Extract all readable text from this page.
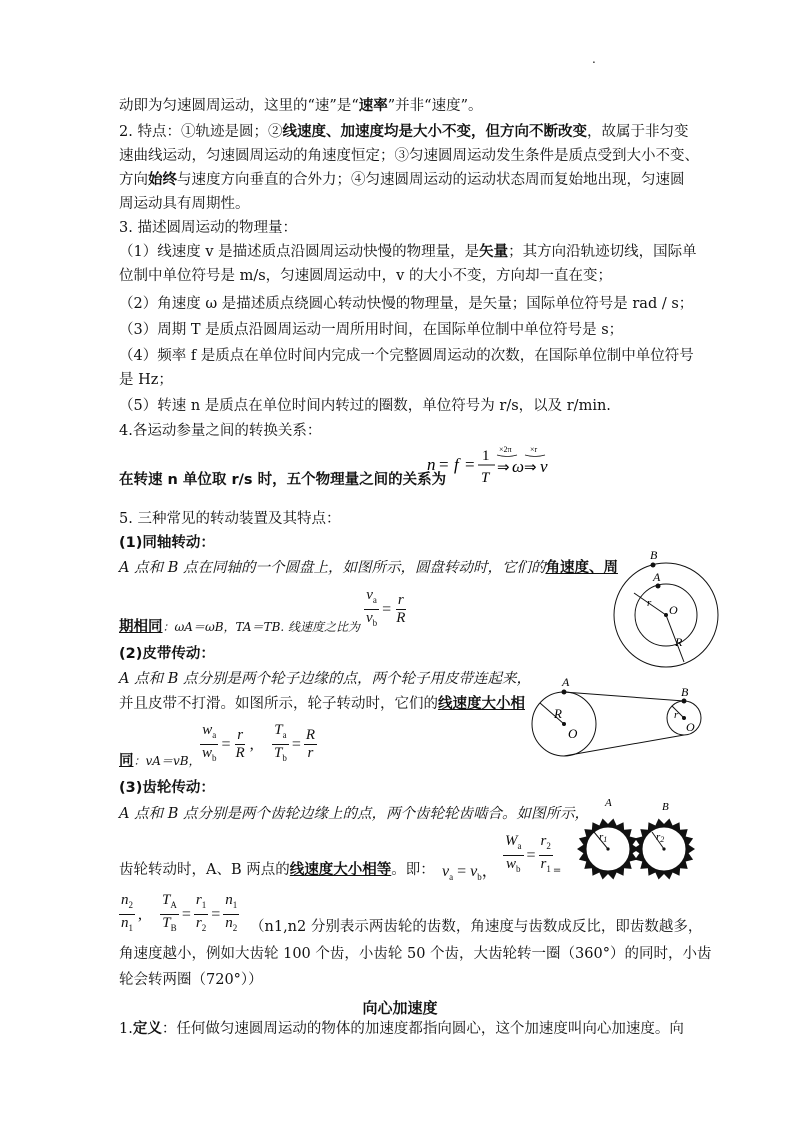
.
动即为匀速圆周运动，这里的“速”是“速率”并非“速度”。
2. 特点：①轨迹是圆；②线速度、加速度均是大小不变，但方向不断改变，故属于非匀变
速曲线运动，匀速圆周运动的角速度恒定；③匀速圆周运动发生条件是质点受到大小不变、
方向始终与速度方向垂直的合外力；④匀速圆周运动的运动状态周而复始地出现，匀速圆
周运动具有周期性。
3. 描述圆周运动的物理量：
（1）线速度 v 是描述质点沿圆周运动快慢的物理量，是矢量；其方向沿轨迹切线，国际单
位制中单位符号是 m/s，匀速圆周运动中，v 的大小不变，方向却一直在变；
（2）角速度 ω 是描述质点绕圆心转动快慢的物理量，是矢量；国际单位符号是 rad / s；
（3）周期 T 是质点沿圆周运动一周所用时间，在国际单位制中单位符号是 s；
（4）频率 f 是质点在单位时间内完成一个完整圆周运动的次数，在国际单位制中单位符号
是 Hz；
（5）转速 n 是质点在单位时间内转过的圈数，单位符号为 r/s，以及 r/min.
4.各运动参量之间的转换关系：
n = f = 1
T
×2π
⇒ ω
×r
⇒ v
在转速 n 单位取 r/s 时，五个物理量之间的关系为
5. 三种常见的转动装置及其特点：
(1)同轴转动：
A 点和 B 点在同轴的一个圆盘上，如图所示，圆盘转动时，它们的角速度、周
$\frac{v_a}{v_b} = \frac{r}{R}$
期相同：ωA＝ωB，TA＝TB. 线速度之比为
B
A
r O
R
(2)皮带传动：
A 点和 B 点分别是两个轮子边缘的点，两个轮子用皮带连起来，
并且皮带不打滑。如图所示，轮子转动时，它们的线速度大小相
$\frac{w_a}{w_b} = \frac{r}{R}$ , $\frac{T_a}{T_b} = \frac{R}{r}$
同：vA＝vB，
A
R
O
B
r
O
(3)齿轮传动：
A 点和 B 点分别是两个齿轮边缘上的点，两个齿轮轮齿啮合。如图所示，
齿轮转动时，A、B 两点的线速度大小相等。即： $v_a = v_b$， $\frac{W_a}{w_b} = \frac{r_2}{r_1} _=$
A	B
r1	r2
$\frac{n_2}{n_1}$ , $\frac{T_A}{T_B} = \frac{r_1}{r_2} = \frac{n_1}{n_2} (n1,n2$ 分别表示两齿轮的齿数，角速度与齿数成反比，即齿数越多，
角速度越小，例如大齿轮 100 个齿，小齿轮 50 个齿，大齿轮转一圈（360°）的同时，小齿
轮会转两圈（720°））
向心加速度
1.定义：任何做匀速圆周运动的物体的加速度都指向圆心，这个加速度叫向心加速度。向
